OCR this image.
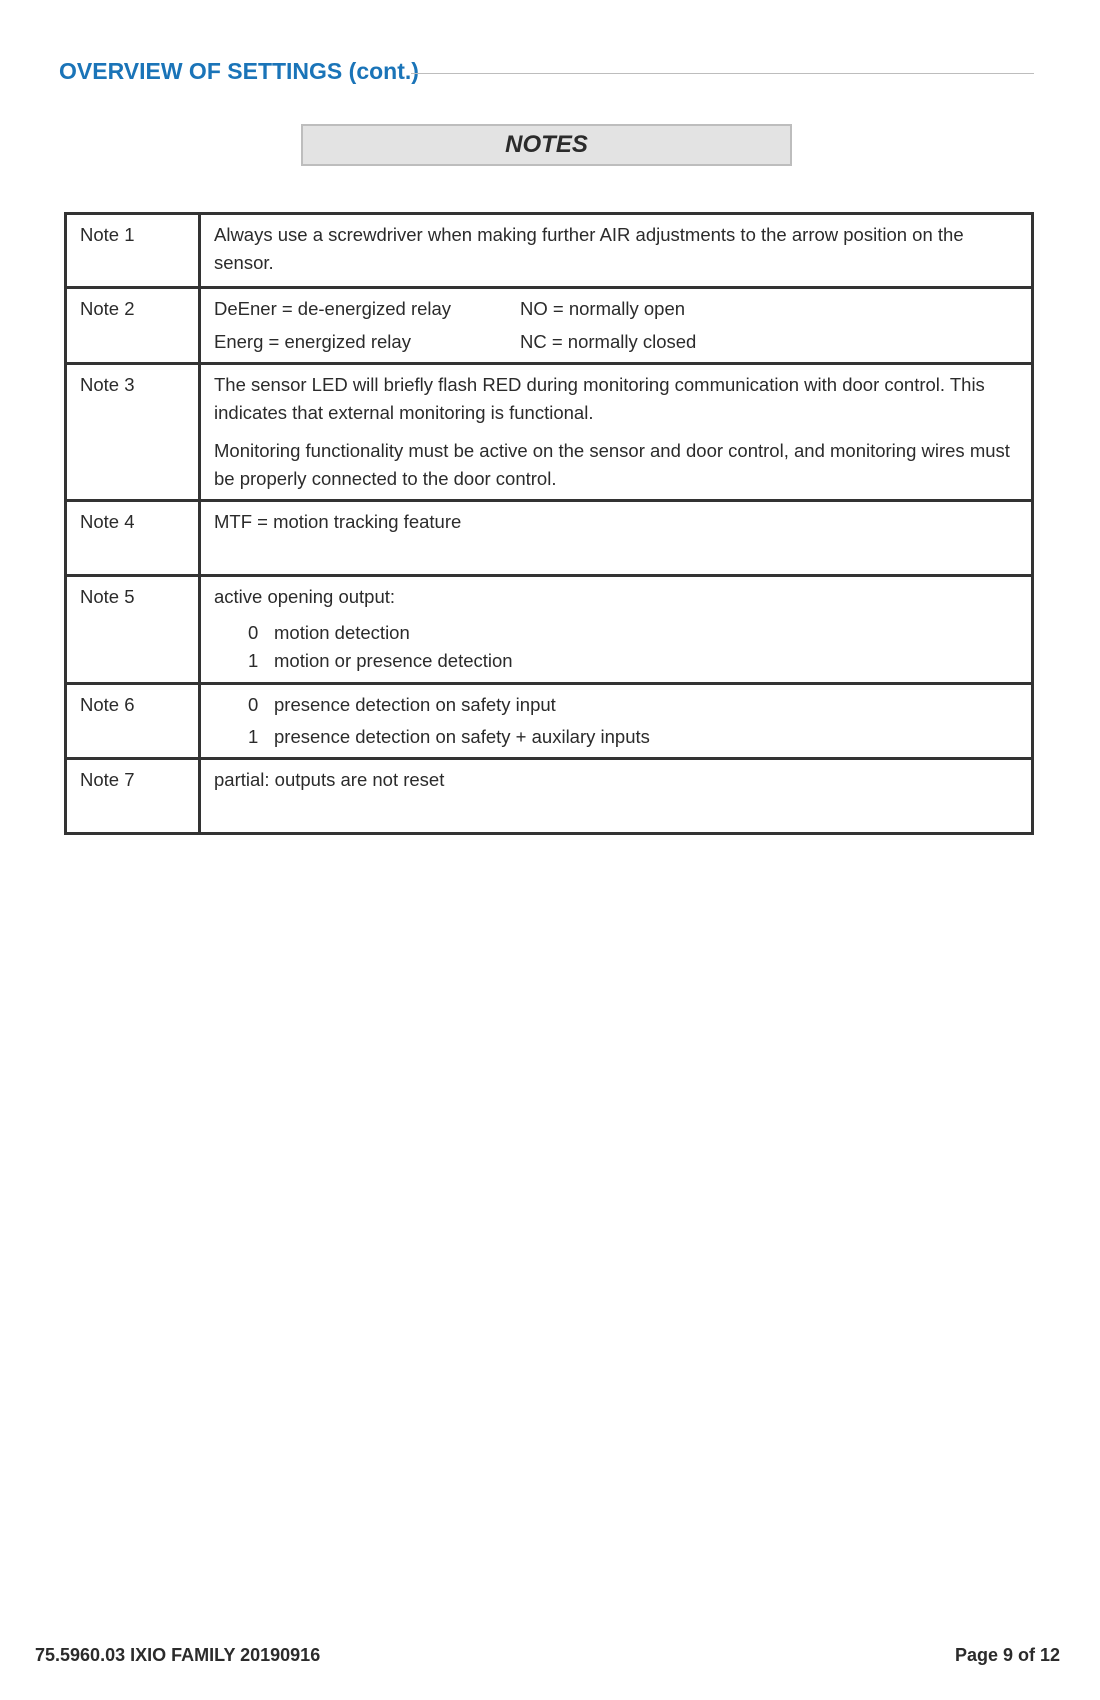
OVERVIEW OF SETTINGS (cont.)
NOTES
Note 1	Always use a screwdriver when making further AIR adjustments to the arrow position on the sensor.

Note 2	DeEner = de-energized relay NO = normally open
Energ = energized relay NC = normally closed

Note 3	The sensor LED will briefly flash RED during monitoring communication with door control. This indicates that external monitoring is functional.

Monitoring functionality must be active on the sensor and door control, and monitoring wires must be properly connected to the door control.

Note 4	MTF = motion tracking feature

Note 5	active opening output:

0 motion detection
1 motion or presence detection

Note 6	0 presence detection on safety input
1 presence detection on safety + auxilary inputs

Note 7	partial: outputs are not reset

75.5960.03 IXIO FAMILY 20190916	Page 9 of 12
